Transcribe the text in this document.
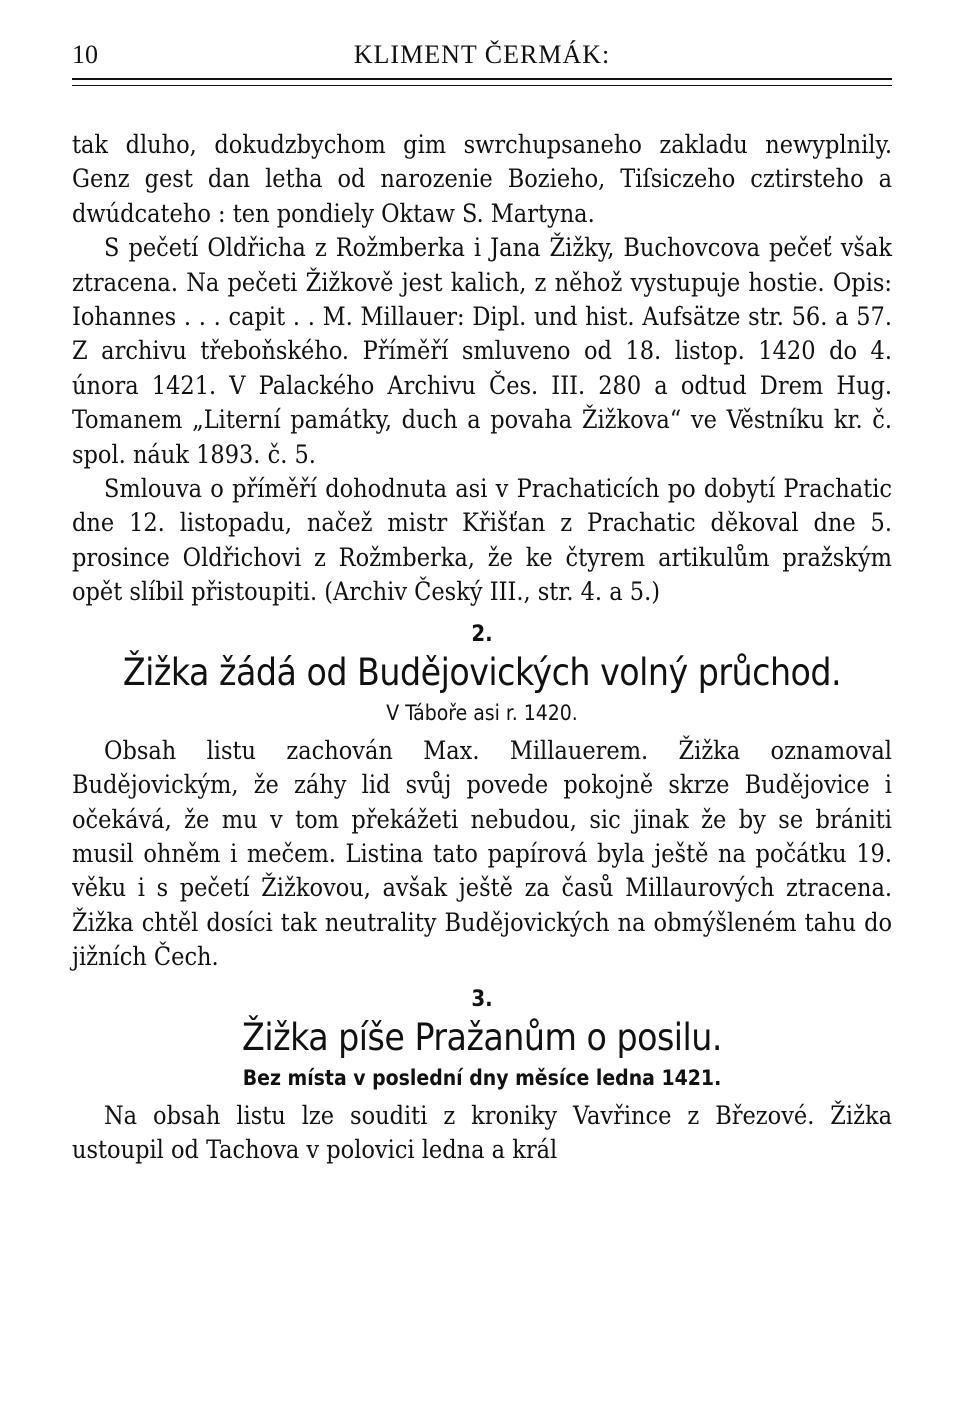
10	KLIMENT ČERMÁK:

tak dluho, dokudzbychom gim swrchupsaneho zakladu newyplnily. Genz gest dan letha od narozenie Bozieho, Tiſsiczeho cztirsteho a dwúdcateho : ten pondiely Oktaw S. Martyna.

S pečetí Oldřicha z Rožmberka i Jana Žižky, Buchovcova pečeť však ztracena. Na pečeti Žižkově jest kalich, z něhož vystupuje hostie. Opis: Iohannes . . . capit . . M. Millauer: Dipl. und hist. Aufsätze str. 56. a 57. Z archivu třeboňského. Příměří smluveno od 18. listop. 1420 do 4. února 1421. V Palackého Archivu Čes. III. 280 a odtud Drem Hug. Tomanem „Literní památky, duch a povaha Žižkova“ ve Věstníku kr. č. spol. náuk 1893. č. 5.

Smlouva o příměří dohodnuta asi v Prachaticích po dobytí Prachatic dne 12. listopadu, načež mistr Křišťan z Prachatic děkoval dne 5. prosince Oldřichovi z Rožmberka, že ke čtyrem artikulům pražským opět slíbil přistoupiti. (Archiv Český III., str. 4. a 5.)

2.
Žižka žádá od Budějovických volný průchod.
V Táboře asi r. 1420.

Obsah listu zachován Max. Millauerem. Žižka oznamoval Budějovickým, že záhy lid svůj povede pokojně skrze Budějovice i očekává, že mu v tom překážeti nebudou, sic jinak že by se brániti musil ohněm i mečem. Listina tato papírová byla ještě na počátku 19. věku i s pečetí Žižkovou, avšak ještě za časů Millaurových ztracena. Žižka chtěl dosíci tak neutrality Budějovických na obmýšleném tahu do jižních Čech.

3.
Žižka píše Pražanům o posilu.
Bez místa v poslední dny měsíce ledna 1421.

Na obsah listu lze souditi z kroniky Vavřince z Březové. Žižka ustoupil od Tachova v polovici ledna a král
